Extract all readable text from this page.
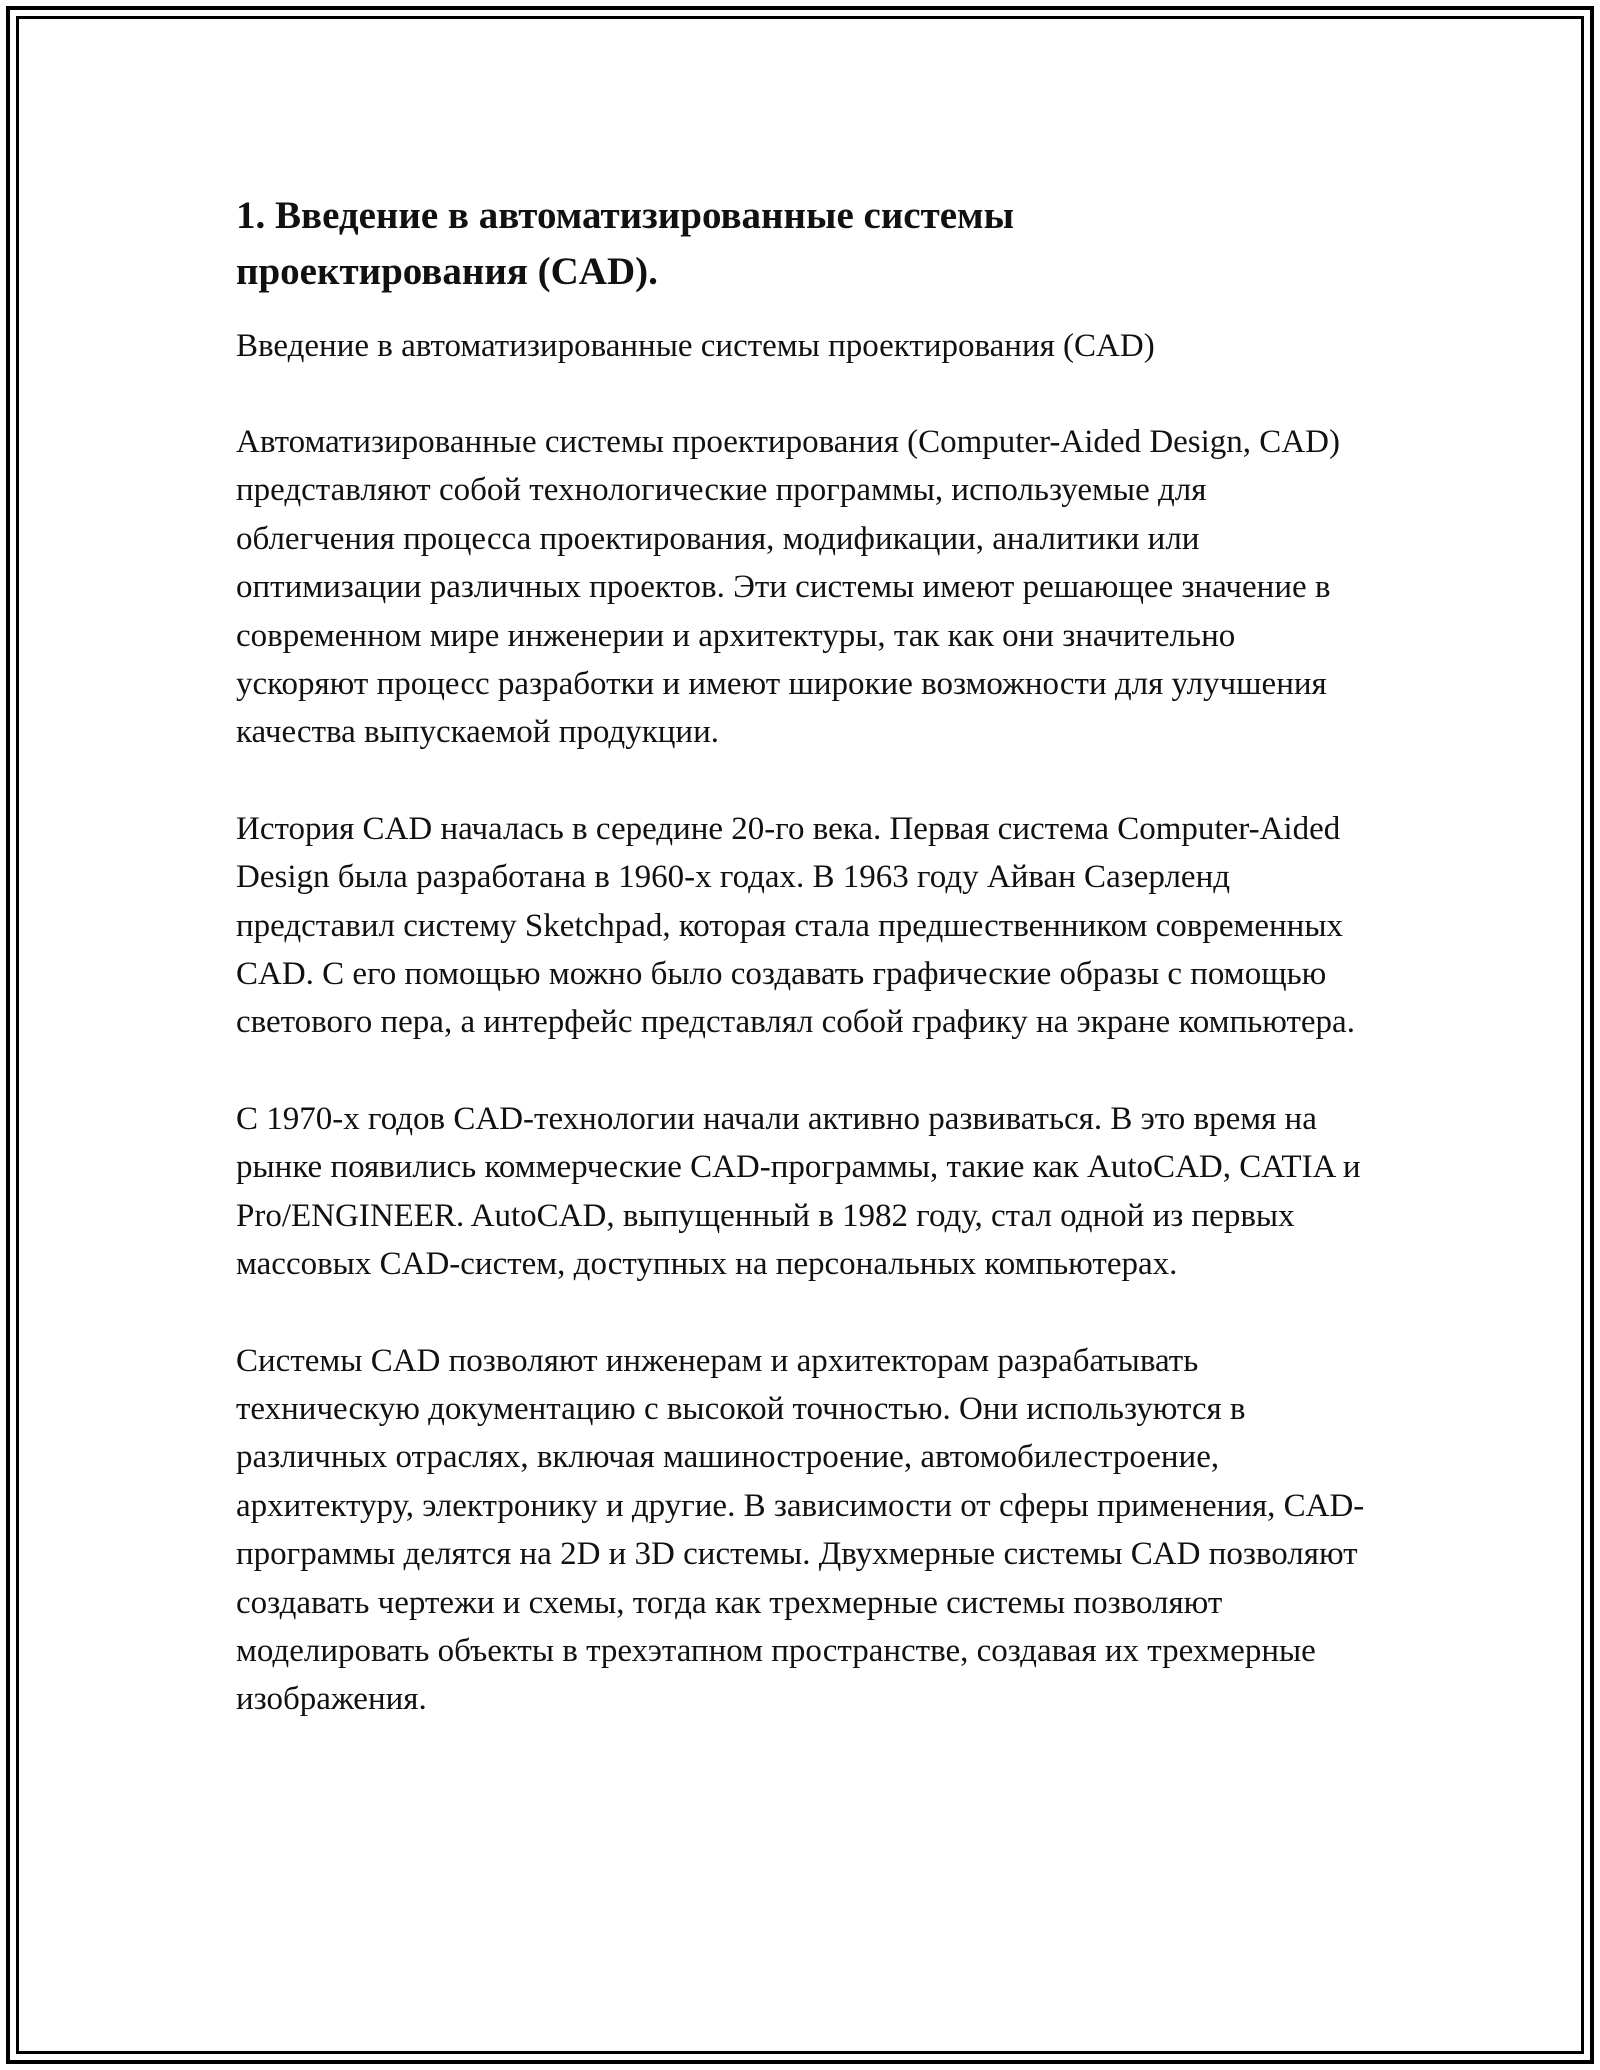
1. Введение в автоматизированные системы проектирования (CAD).

Введение в автоматизированные системы проектирования (CAD)

Автоматизированные системы проектирования (Computer-Aided Design, CAD) представляют собой технологические программы, используемые для облегчения процесса проектирования, модификации, аналитики или оптимизации различных проектов. Эти системы имеют решающее значение в современном мире инженерии и архитектуры, так как они значительно ускоряют процесс разработки и имеют широкие возможности для улучшения качества выпускаемой продукции.

История CAD началась в середине 20-го века. Первая система Computer-Aided Design была разработана в 1960-х годах. В 1963 году Айван Сазерленд представил систему Sketchpad, которая стала предшественником современных CAD. С его помощью можно было создавать графические образы с помощью светового пера, а интерфейс представлял собой графику на экране компьютера.

С 1970-х годов CAD-технологии начали активно развиваться. В это время на рынке появились коммерческие CAD-программы, такие как AutoCAD, CATIA и Pro/ENGINEER. AutoCAD, выпущенный в 1982 году, стал одной из первых массовых CAD-систем, доступных на персональных компьютерах.

Системы CAD позволяют инженерам и архитекторам разрабатывать техническую документацию с высокой точностью. Они используются в различных отраслях, включая машиностроение, автомобилестроение, архитектуру, электронику и другие. В зависимости от сферы применения, CAD-программы делятся на 2D и 3D системы. Двухмерные системы CAD позволяют создавать чертежи и схемы, тогда как трехмерные системы позволяют моделировать объекты в трехэтапном пространстве, создавая их трехмерные изображения.
